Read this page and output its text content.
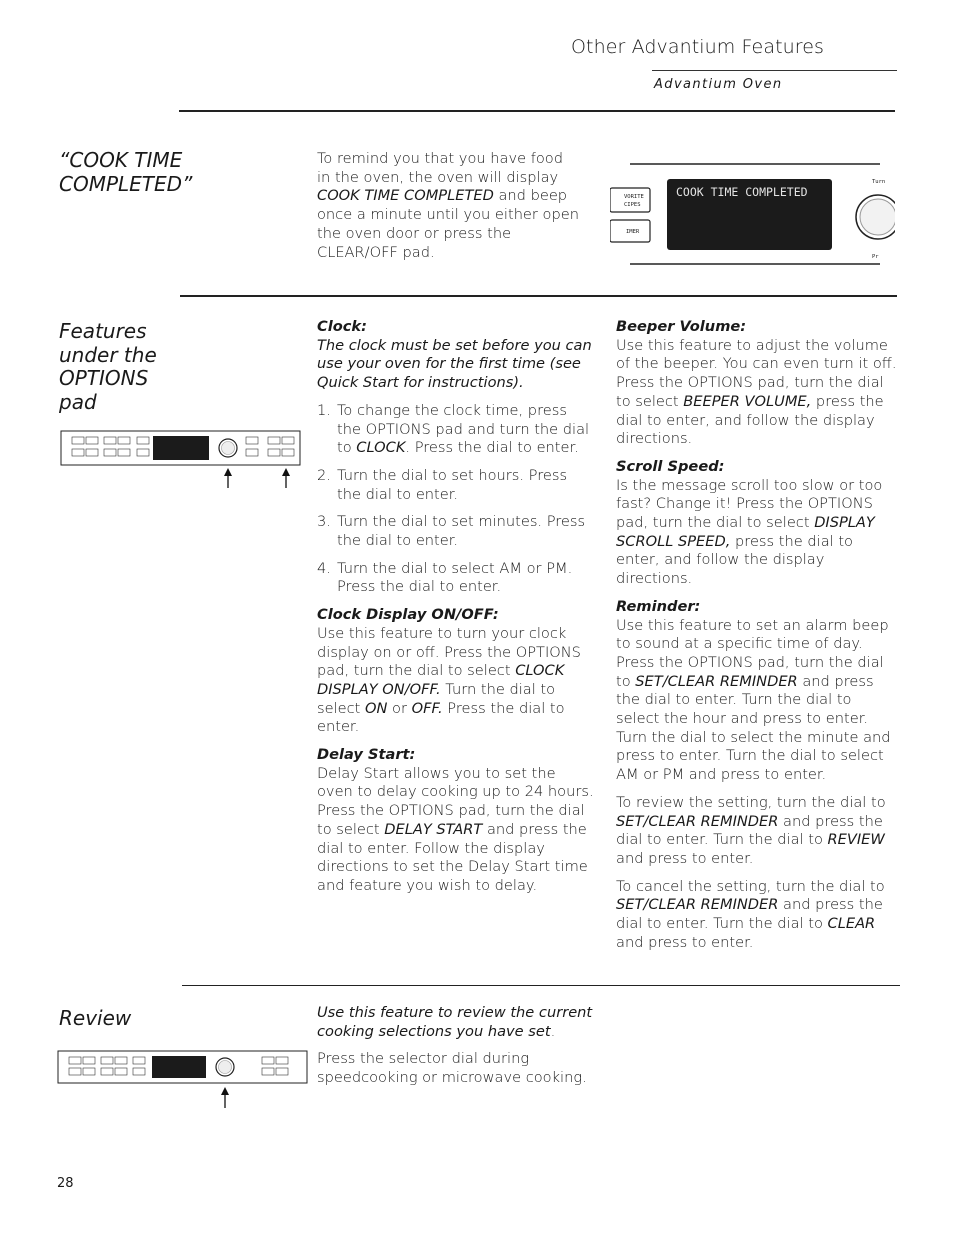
Other Advantium Features
Advantium Oven
“COOK TIME COMPLETED”

To remind you that you have food in the oven, the oven will display COOK TIME COMPLETED and beep once a minute until you either open the oven door or press the CLEAR/OFF pad.

VORITE
CIPES
IMER
COOK TIME COMPLETED
Turn
Pr
Features under the OPTIONS pad

Clock:

The clock must be set before you can use your oven for the first time (see Quick Start for instructions).

1. To change the clock time, press the OPTIONS pad and turn the dial to CLOCK. Press the dial to enter.
2. Turn the dial to set hours. Press the dial to enter.
3. Turn the dial to set minutes. Press the dial to enter.
4. Turn the dial to select AM or PM. Press the dial to enter.

Clock Display ON/OFF:

Use this feature to turn your clock display on or off. Press the OPTIONS pad, turn the dial to select CLOCK DISPLAY ON/OFF. Turn the dial to select ON or OFF. Press the dial to enter.

Delay Start:

Delay Start allows you to set the oven to delay cooking up to 24 hours. Press the OPTIONS pad, turn the dial to select DELAY START and press the dial to enter. Follow the display directions to set the Delay Start time and feature you wish to delay.

Beeper Volume:

Use this feature to adjust the volume of the beeper. You can even turn it off. Press the OPTIONS pad, turn the dial to select BEEPER VOLUME, press the dial to enter, and follow the display directions.

Scroll Speed:

Is the message scroll too slow or too fast? Change it! Press the OPTIONS pad, turn the dial to select DISPLAY SCROLL SPEED, press the dial to enter, and follow the display directions.

Reminder:

Use this feature to set an alarm beep to sound at a specific time of day. Press the OPTIONS pad, turn the dial to SET/CLEAR REMINDER and press the dial to enter. Turn the dial to select the hour and press to enter. Turn the dial to select the minute and press to enter. Turn the dial to select AM or PM and press to enter.

To review the setting, turn the dial to SET/CLEAR REMINDER and press the dial to enter. Turn the dial to REVIEW and press to enter.

To cancel the setting, turn the dial to SET/CLEAR REMINDER and press the dial to enter. Turn the dial to CLEAR and press to enter.

Review	Use this feature to review the current cooking selections you have set.

Press the selector dial during speedcooking or microwave cooking.

28
